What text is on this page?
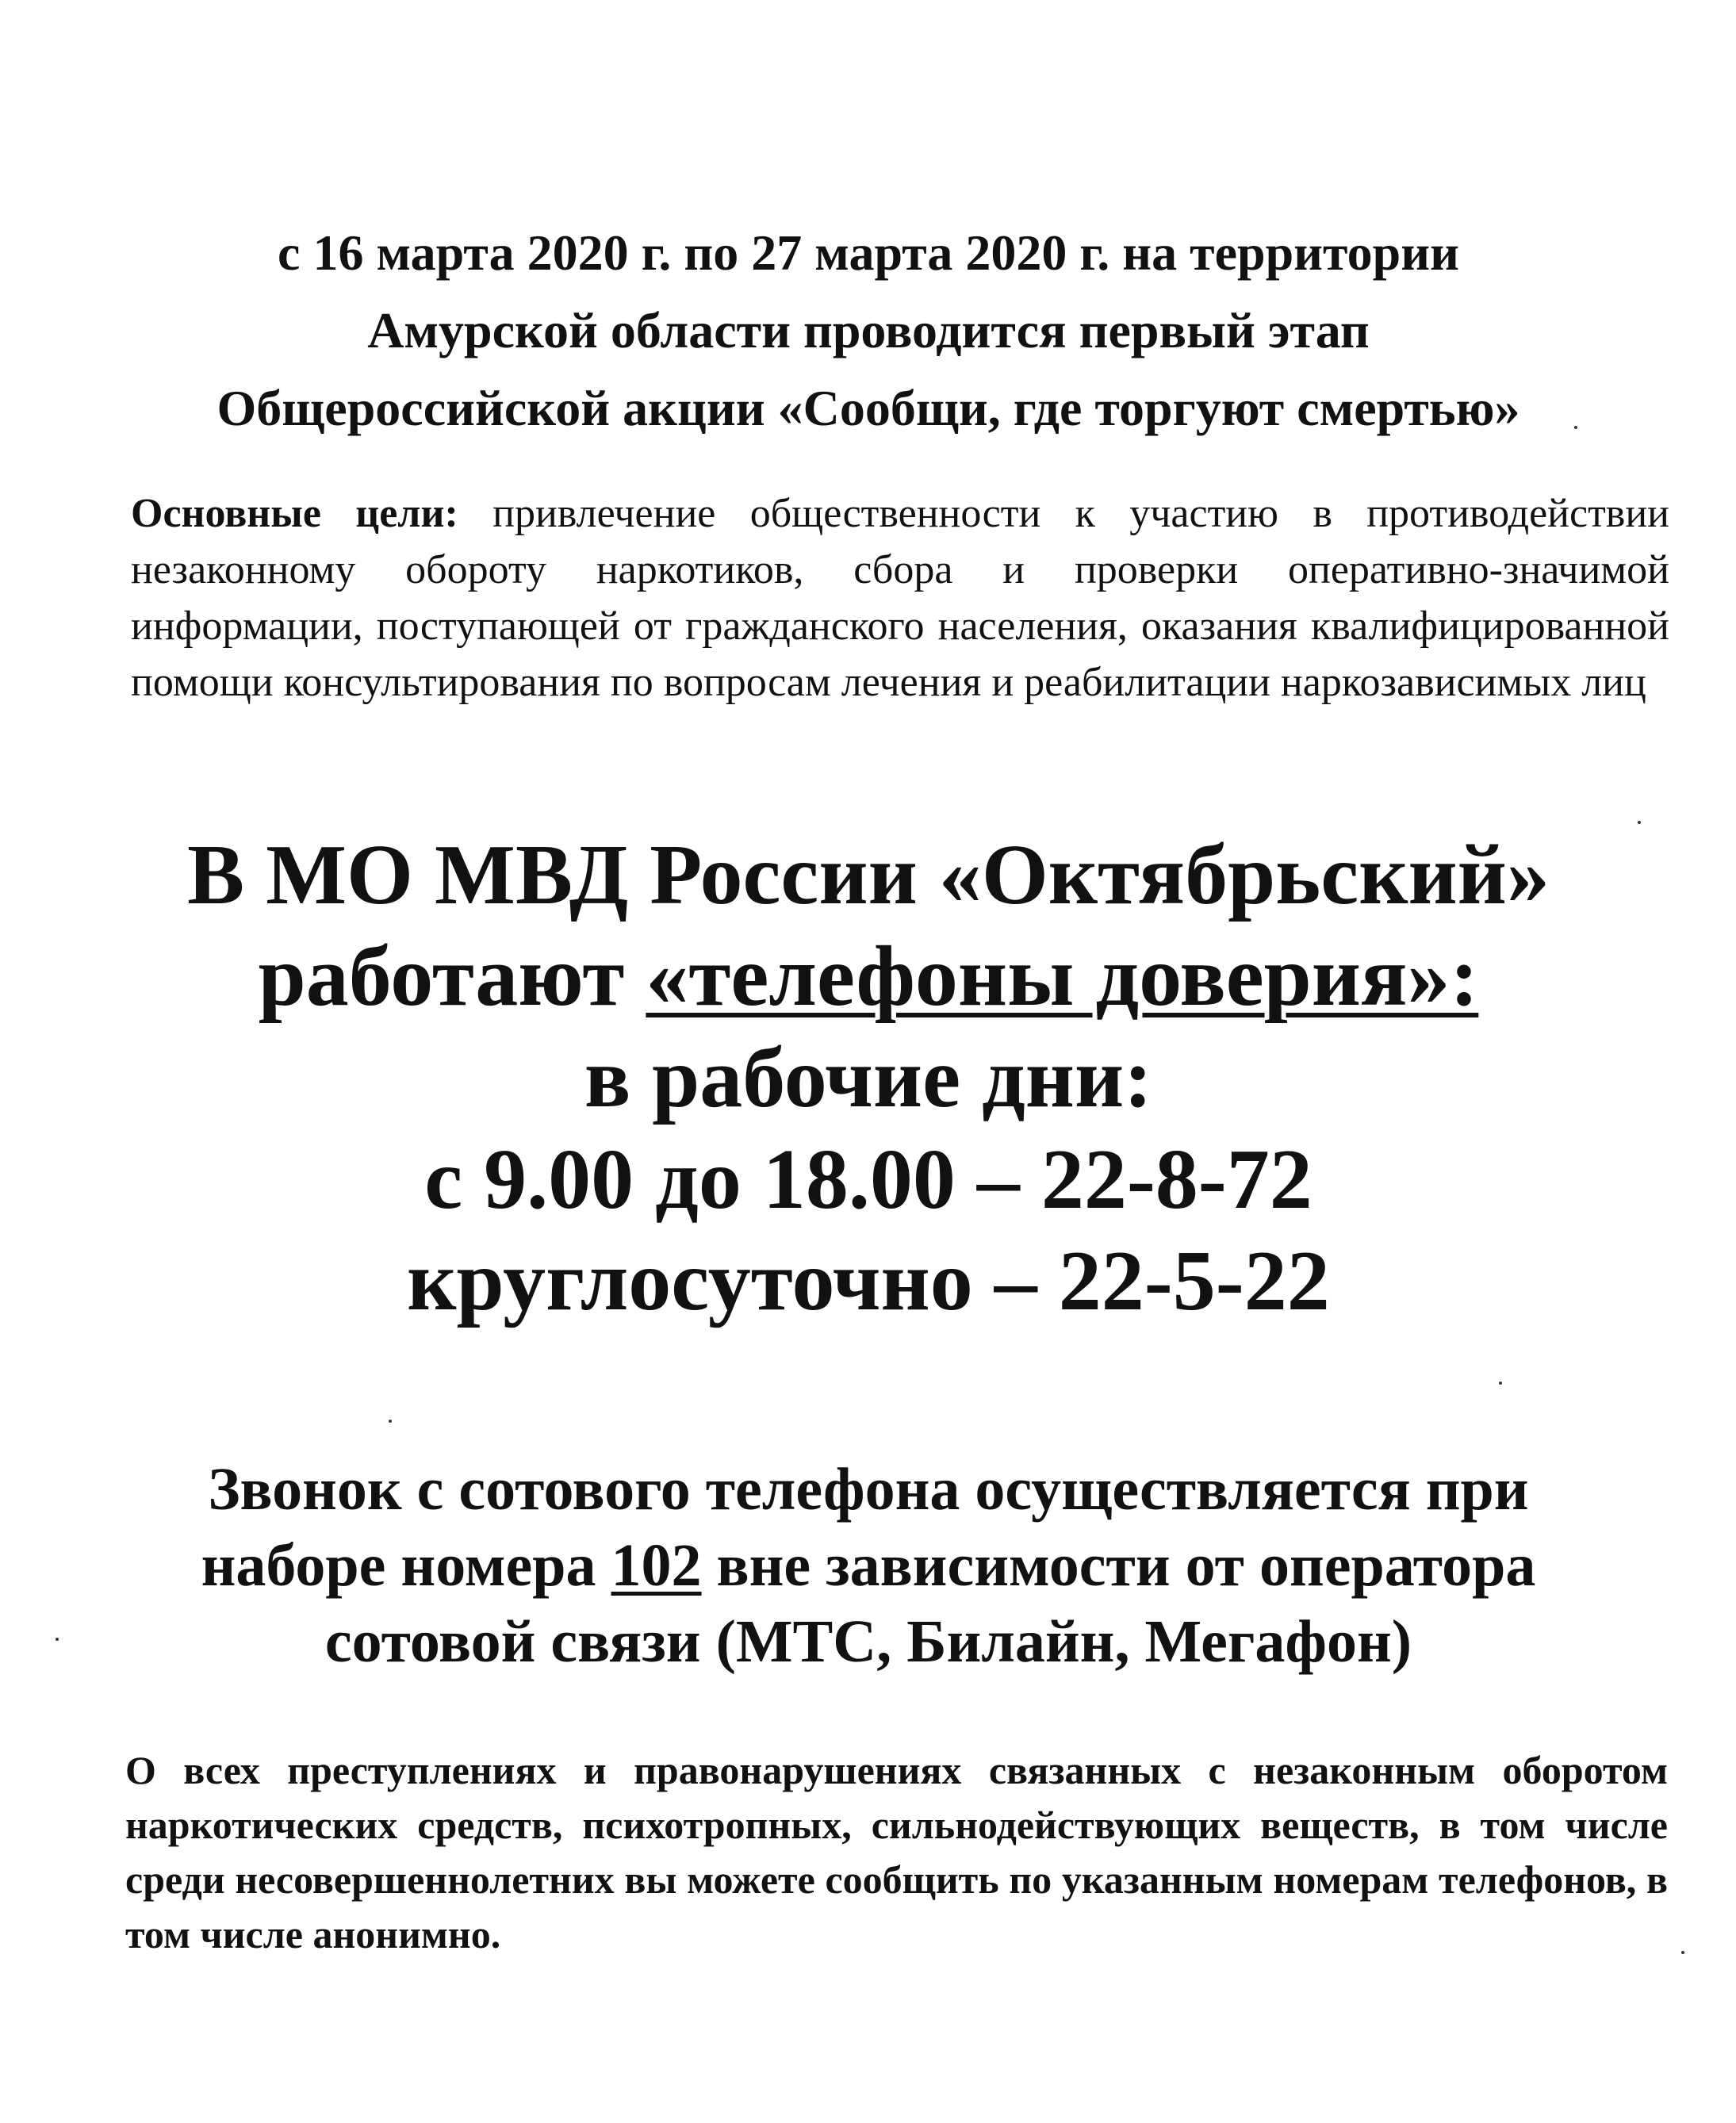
с 16 марта 2020 г. по 27 марта 2020 г. на территории
Амурской области проводится первый этап
Общероссийской акции «Сообщи, где торгуют смертью»
Основные цели: привлечение общественности к участию в противодействии незаконному обороту наркотиков, сбора и проверки оперативно-значимой информации, поступающей от гражданского населения, оказания квалифицированной помощи консультирования по вопросам лечения и реабилитации наркозависимых лиц
В МО МВД России «Октябрьский»
работают «телефоны доверия»:
в рабочие дни:
с 9.00 до 18.00 – 22-8-72
круглосуточно – 22-5-22
Звонок с сотового телефона осуществляется при
наборе номера 102 вне зависимости от оператора
сотовой связи (МТС, Билайн, Мегафон)
О всех преступлениях и правонарушениях связанных с незаконным оборотом наркотических средств, психотропных, сильнодействующих веществ, в том числе среди несовершеннолетних вы можете сообщить по указанным номерам телефонов, в том числе анонимно.
